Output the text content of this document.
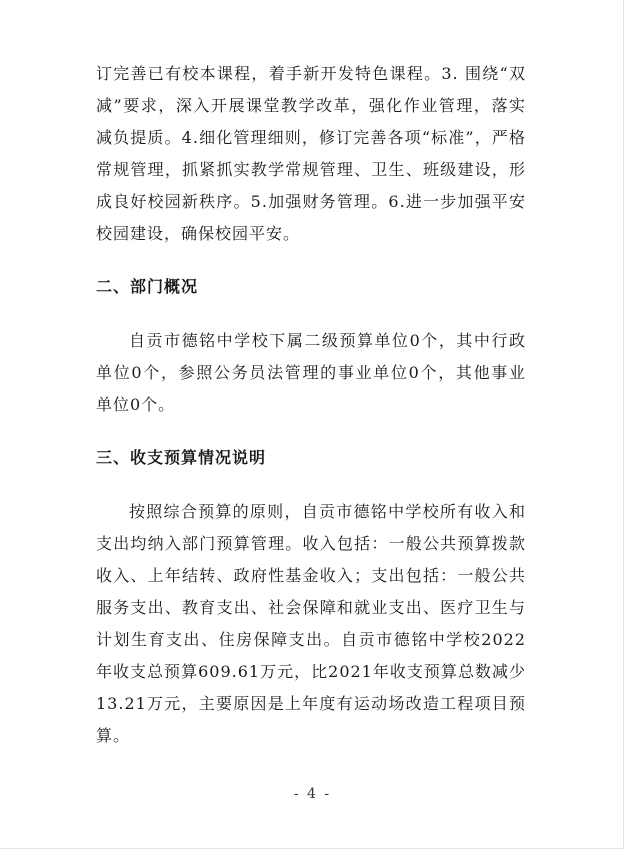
订完善已有校本课程，着手新开发特色课程。3. 围绕“双减”要求，深入开展课堂教学改革，强化作业管理，落实减负提质。4.细化管理细则，修订完善各项“标准”，严格常规管理，抓紧抓实教学常规管理、卫生、班级建设，形成良好校园新秩序。5.加强财务管理。6.进一步加强平安校园建设，确保校园平安。

二、部门概况

自贡市德铭中学校下属二级预算单位0个，其中行政单位0个，参照公务员法管理的事业单位0个，其他事业单位0个。

三、收支预算情况说明

按照综合预算的原则，自贡市德铭中学校所有收入和支出均纳入部门预算管理。收入包括：一般公共预算拨款收入、上年结转、政府性基金收入；支出包括：一般公共服务支出、教育支出、社会保障和就业支出、医疗卫生与计划生育支出、住房保障支出。自贡市德铭中学校2022年收支总预算609.61万元，比2021年收支预算总数减少13.21万元，主要原因是上年度有运动场改造工程项目预算。

- 4 -
